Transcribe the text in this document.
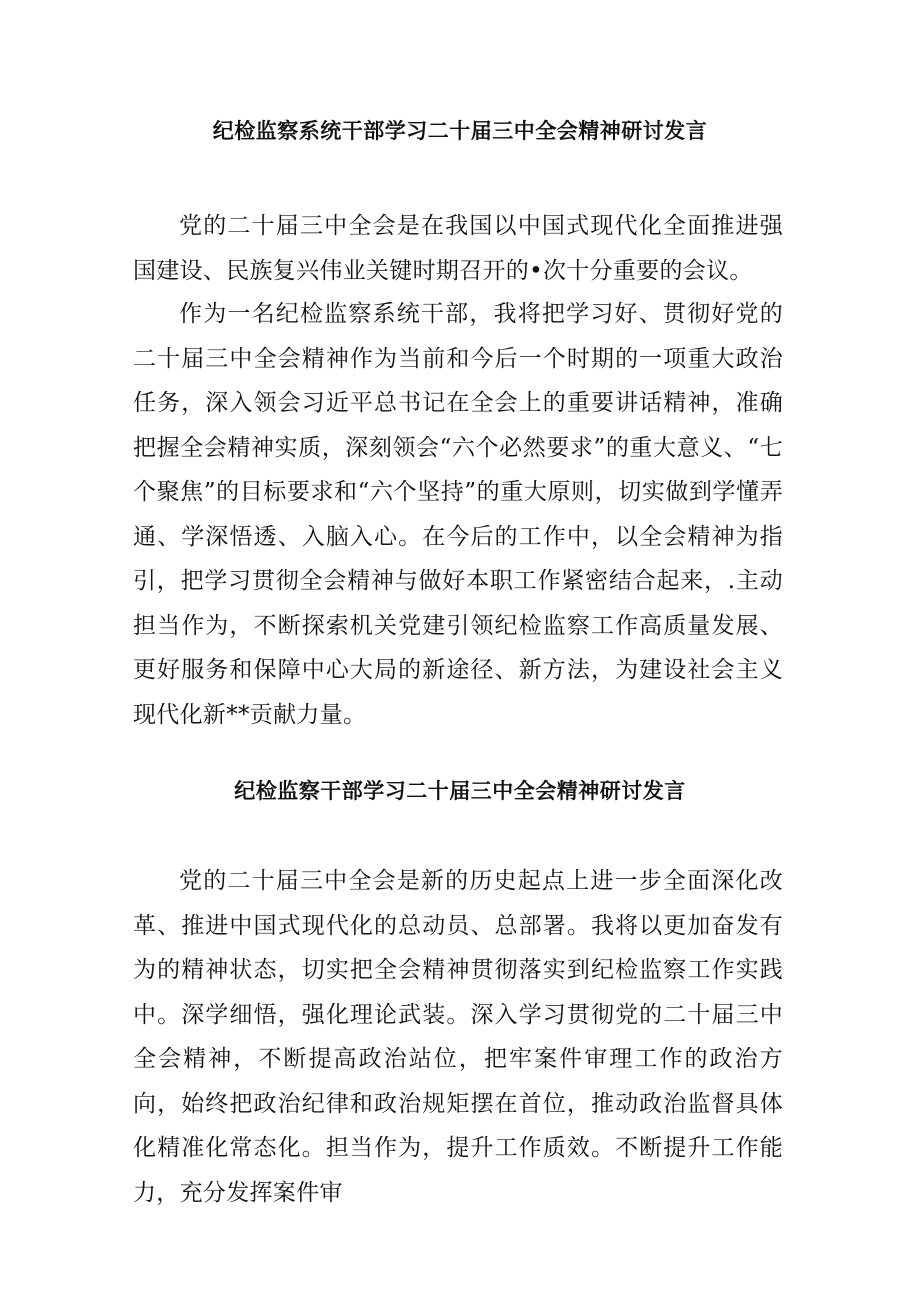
纪检监察系统干部学习二十届三中全会精神研讨发言

党的二十届三中全会是在我国以中国式现代化全面推进强国建设、民族复兴伟业关键时期召开的•次十分重要的会议。

作为一名纪检监察系统干部，我将把学习好、贯彻好党的二十届三中全会精神作为当前和今后一个时期的一项重大政治任务，深入领会习近平总书记在全会上的重要讲话精神，准确把握全会精神实质，深刻领会“六个必然要求”的重大意义、“七个聚焦”的目标要求和“六个坚持”的重大原则，切实做到学懂弄通、学深悟透、入脑入心。在今后的工作中，以全会精神为指引，把学习贯彻全会精神与做好本职工作紧密结合起来，.主动担当作为，不断探索机关党建引领纪检监察工作高质量发展、更好服务和保障中心大局的新途径、新方法，为建设社会主义现代化新**贡献力量。

纪检监察干部学习二十届三中全会精神研讨发言

党的二十届三中全会是新的历史起点上进一步全面深化改革、推进中国式现代化的总动员、总部署。我将以更加奋发有为的精神状态，切实把全会精神贯彻落实到纪检监察工作实践中。深学细悟，强化理论武装。深入学习贯彻党的二十届三中全会精神，不断提高政治站位，把牢案件审理工作的政治方向，始终把政治纪律和政治规矩摆在首位，推动政治监督具体化精准化常态化。担当作为，提升工作质效。不断提升工作能力，充分发挥案件审
